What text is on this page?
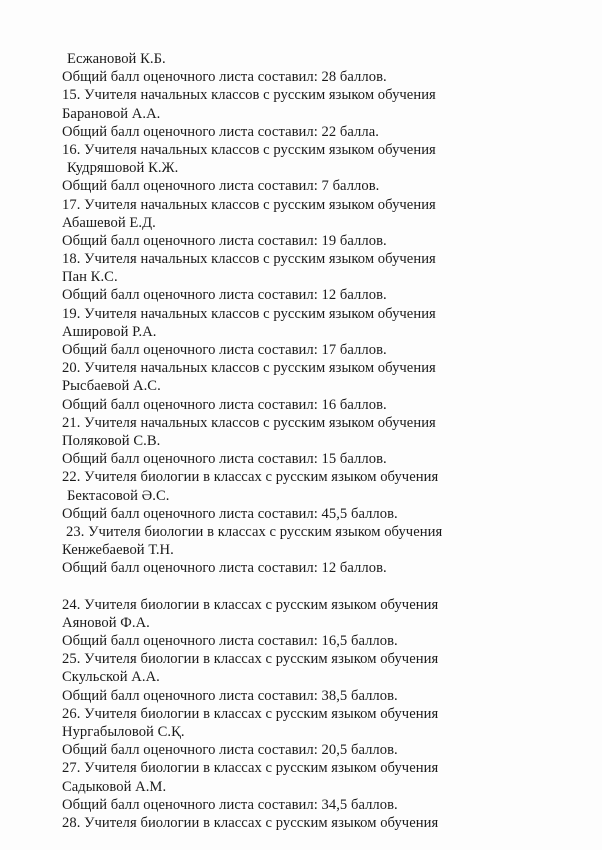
Есжановой К.Б.
Общий балл оценочного листа составил: 28 баллов.
15. Учителя начальных классов с русским языком обучения
Барановой А.А.
Общий балл оценочного листа составил: 22 балла.
16. Учителя начальных классов с русским языком обучения
Кудряшовой К.Ж.
Общий балл оценочного листа составил: 7 баллов.
17. Учителя начальных классов с русским языком обучения
Абашевой Е.Д.
Общий балл оценочного листа составил: 19 баллов.
18. Учителя начальных классов с русским языком обучения
Пан К.С.
Общий балл оценочного листа составил: 12 баллов.
19. Учителя начальных классов с русским языком обучения
Ашировой Р.А.
Общий балл оценочного листа составил: 17 баллов.
20. Учителя начальных классов с русским языком обучения
Рысбаевой А.С.
Общий балл оценочного листа составил: 16 баллов.
21. Учителя начальных классов с русским языком обучения
Поляковой С.В.
Общий балл оценочного листа составил: 15 баллов.
22. Учителя биологии в классах с русским языком обучения
Бектасовой Ә.С.
Общий балл оценочного листа составил: 45,5 баллов.
23. Учителя биологии в классах с русским языком обучения
Кенжебаевой Т.Н.
Общий балл оценочного листа составил: 12 баллов.
24. Учителя биологии в классах с русским языком обучения
Аяновой Ф.А.
Общий балл оценочного листа составил: 16,5 баллов.
25. Учителя биологии в классах с русским языком обучения
Скульской А.А.
Общий балл оценочного листа составил: 38,5 баллов.
26. Учителя биологии в классах с русским языком обучения
Нургабыловой С.Қ.
Общий балл оценочного листа составил: 20,5 баллов.
27. Учителя биологии в классах с русским языком обучения
Садыковой А.М.
Общий балл оценочного листа составил: 34,5 баллов.
28. Учителя биологии в классах с русским языком обучения
